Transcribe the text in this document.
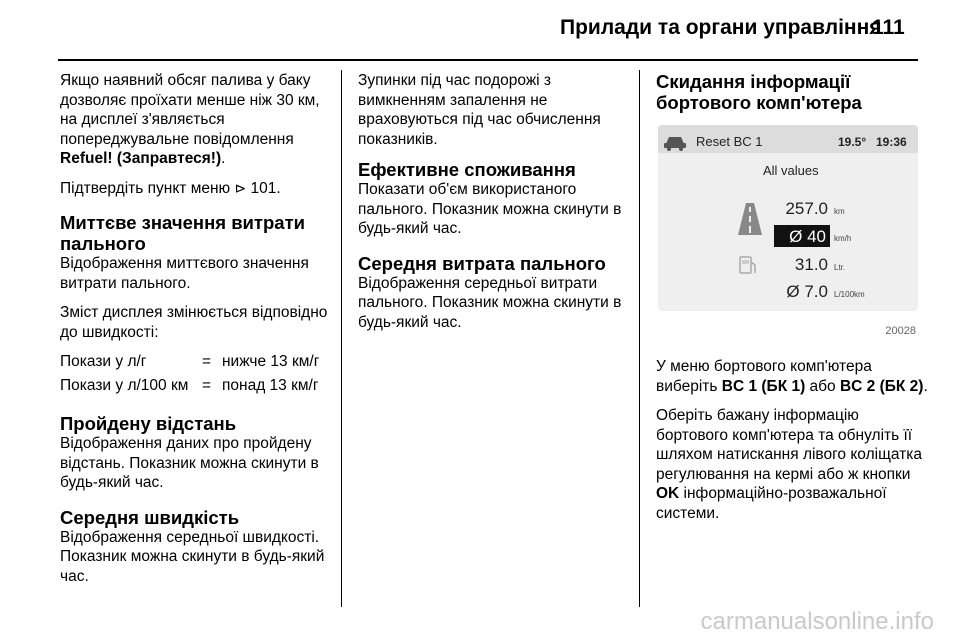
Прилади та органи управління
111

Якщо наявний обсяг палива у баку дозволяє проїхати менше ніж 30 км, на дисплеї з'являється попереджувальне повідомлення Refuel! (Заправтеся!).

Підтвердіть пункт меню ⊳ 101.

Миттєве значення витрати пального

Відображення миттєвого значення витрати пального.

Зміст дисплея змінюється відповідно до швидкості:

Покази у л/г	= нижче 13 км/г
Покази у л/100 км = понад 13 км/г
Пройдену відстань

Відображення даних про пройдену відстань. Показник можна скинути в будь-який час.

Середня швидкість

Відображення середньої швидкості. Показник можна скинути в будь-який час.

Зупинки під час подорожі з вимкненням запалення не враховуються під час обчислення показників.

Ефективне споживання

Показати об'єм використаного пального. Показник можна скинути в будь-який час.

Середня витрата пального

Відображення середньої витрати пального. Показник можна скинути в будь-який час.

Скидання інформації бортового комп'ютера
Reset BC 1	19.5° 19:36
All values
257.0 km
Ø 40 km/h
31.0 Ltr.
Ø 7.0 L/100km
20028

У меню бортового комп'ютера виберіть BC 1 (БК 1) або BC 2 (БК 2).

Оберіть бажану інформацію бортового комп'ютера та обнуліть її шляхом натискання лівого коліщатка регулювання на кермі або ж кнопки OK інформаційно-розважальної системи.

carmanualsonline.info
